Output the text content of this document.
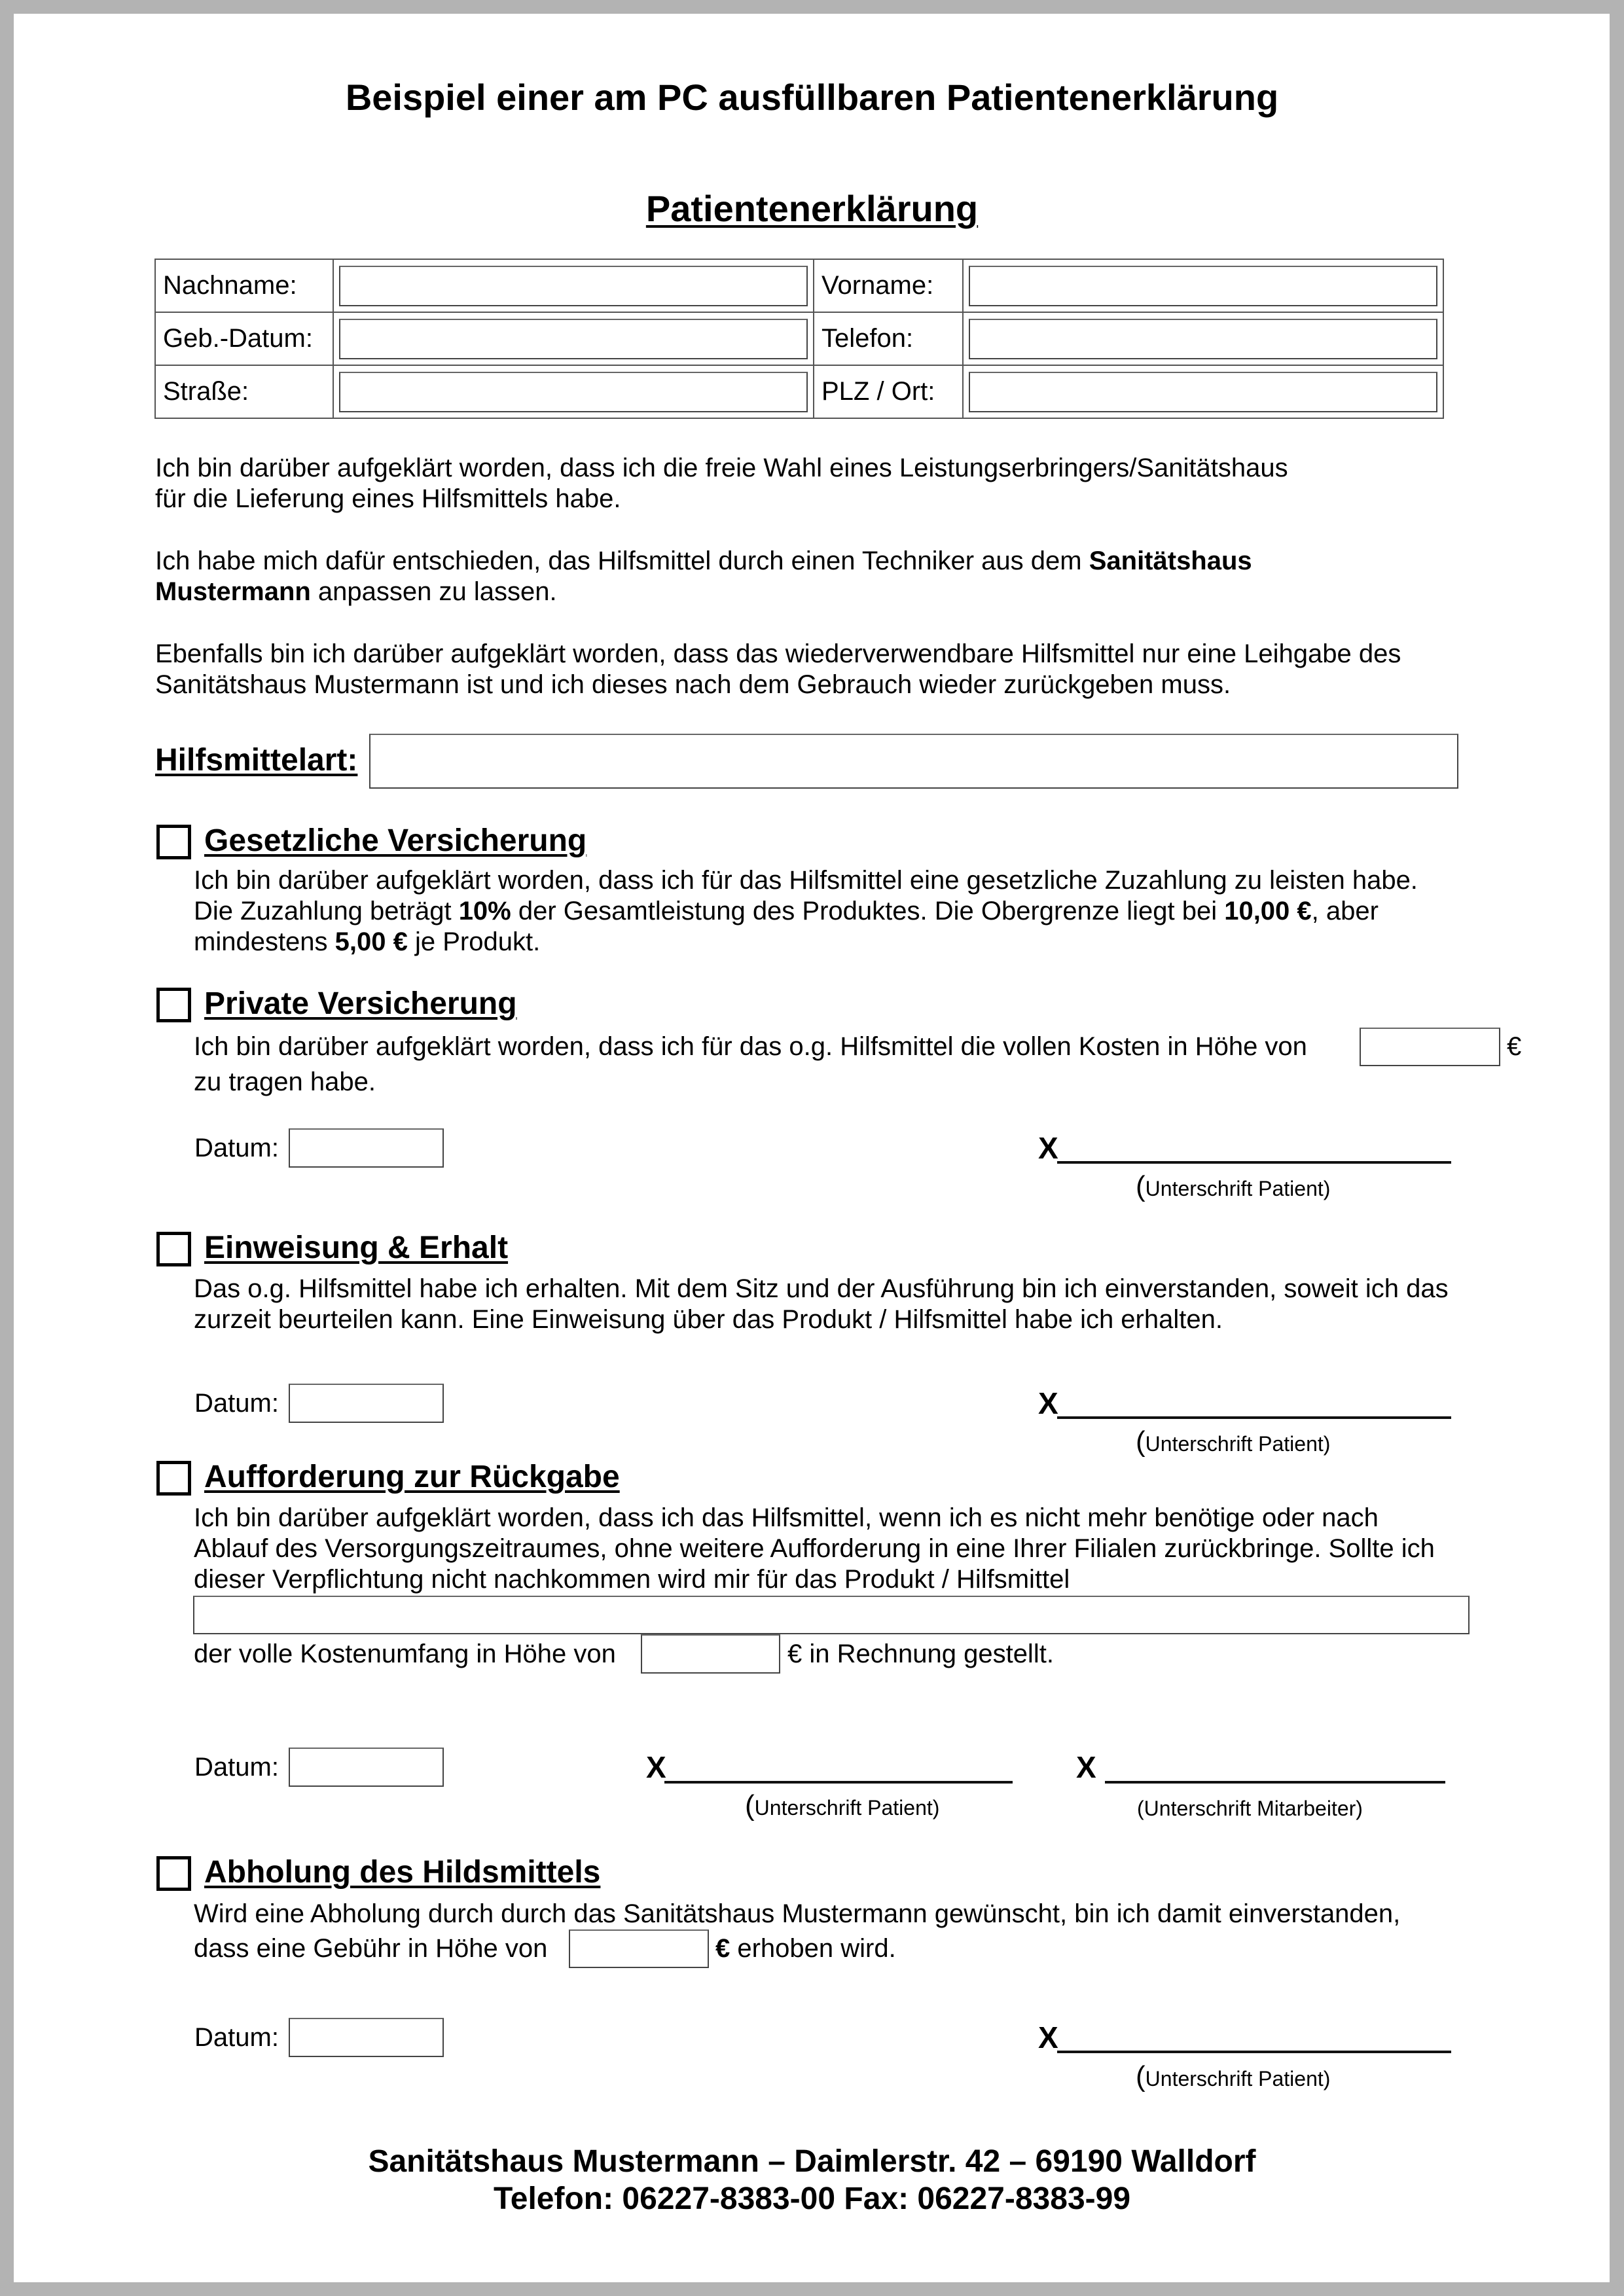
Beispiel einer am PC ausfüllbaren Patientenerklärung
Patientenerklärung
Nachname:		Vorname:	

Geb.-Datum:		Telefon:	

Straße:		PLZ / Ort:	
Ich bin darüber aufgeklärt worden, dass ich die freie Wahl eines Leistungserbringers/Sanitätshaus
für die Lieferung eines Hilfsmittels habe.
Ich habe mich dafür entschieden, das Hilfsmittel durch einen Techniker aus dem Sanitätshaus
Mustermann anpassen zu lassen.
Ebenfalls bin ich darüber aufgeklärt worden, dass das wiederverwendbare Hilfsmittel nur eine Leihgabe des
Sanitätshaus Mustermann ist und ich dieses nach dem Gebrauch wieder zurückgeben muss.
Hilfsmittelart:
Gesetzliche Versicherung
Ich bin darüber aufgeklärt worden, dass ich für das Hilfsmittel eine gesetzliche Zuzahlung zu leisten habe.
Die Zuzahlung beträgt 10% der Gesamtleistung des Produktes. Die Obergrenze liegt bei 10,00 €, aber
mindestens 5,00 € je Produkt.
Private Versicherung
Ich bin darüber aufgeklärt worden, dass ich für das o.g. Hilfsmittel die vollen Kosten in Höhe von	€
zu tragen habe.
Datum:	X
(Unterschrift Patient)
Einweisung & Erhalt
Das o.g. Hilfsmittel habe ich erhalten. Mit dem Sitz und der Ausführung bin ich einverstanden, soweit ich das
zurzeit beurteilen kann. Eine Einweisung über das Produkt / Hilfsmittel habe ich erhalten.
Datum:	X
(Unterschrift Patient)
Aufforderung zur Rückgabe
Ich bin darüber aufgeklärt worden, dass ich das Hilfsmittel, wenn ich es nicht mehr benötige oder nach
Ablauf des Versorgungszeitraumes, ohne weitere Aufforderung in eine Ihrer Filialen zurückbringe. Sollte ich
dieser Verpflichtung nicht nachkommen wird mir für das Produkt / Hilfsmittel
der volle Kostenumfang in Höhe von	€ in Rechnung gestellt.
Datum:	X
(Unterschrift Patient)
X
(Unterschrift Mitarbeiter)
Abholung des Hildsmittels
Wird eine Abholung durch durch das Sanitätshaus Mustermann gewünscht, bin ich damit einverstanden,
dass eine Gebühr in Höhe von	€ erhoben wird.
Datum:	X
(Unterschrift Patient)
Sanitätshaus Mustermann – Daimlerstr. 42 – 69190 Walldorf
Telefon: 06227-8383-00 Fax: 06227-8383-99
